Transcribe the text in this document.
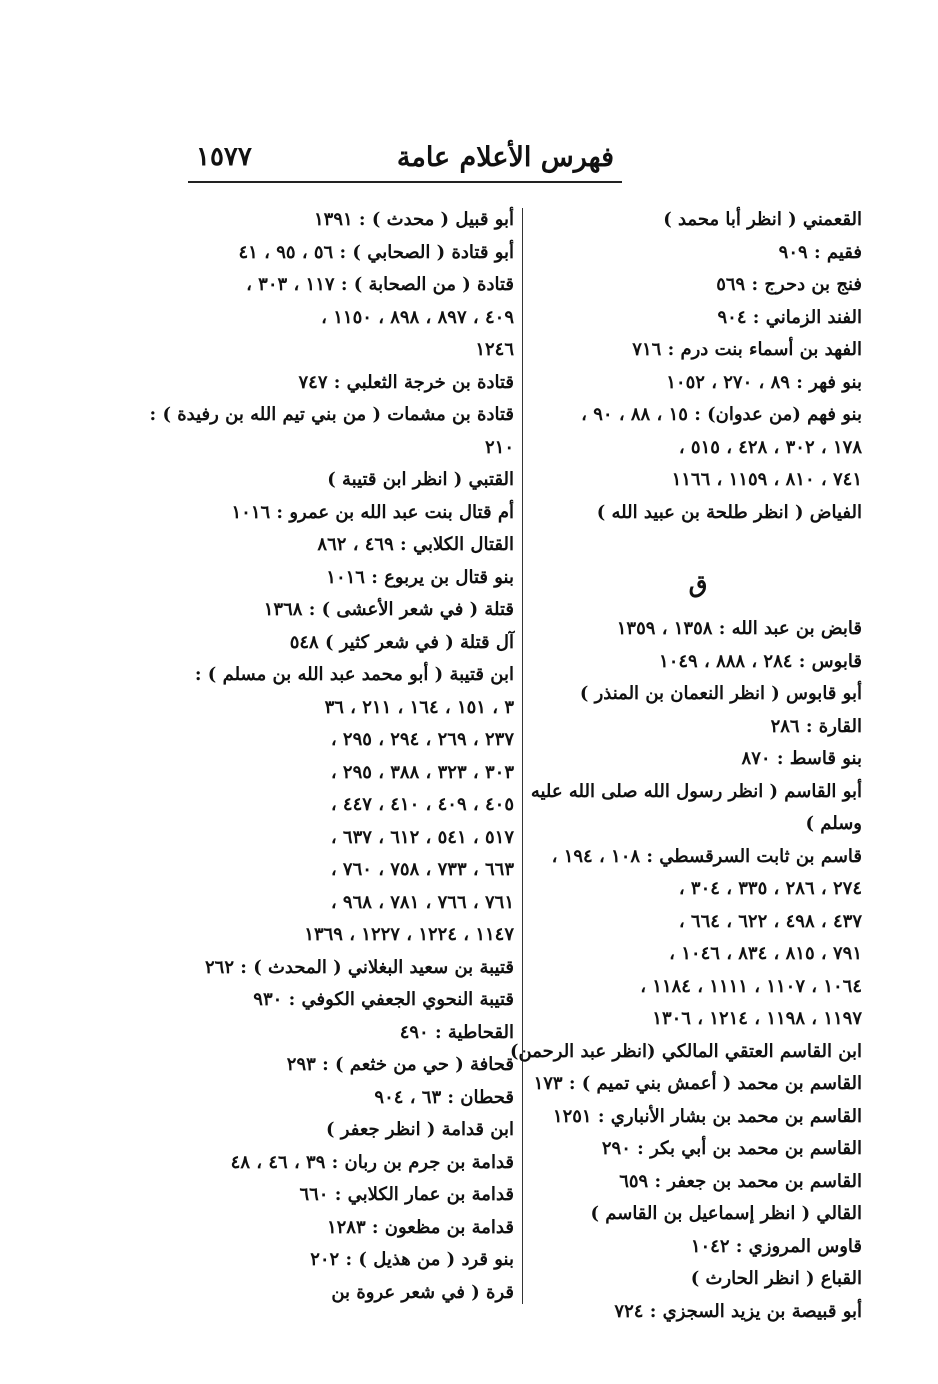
فهرس الأعلام عامة
١٥٧٧
القعمني ( انظر أبا محمد )
فقيم : ٩٠٩
فنج بن دحرج : ٥٦٩
الفند الزماني : ٩٠٤
الفهد بن أسماء بنت درم : ٧١٦
بنو فهر : ٨٩ ، ٢٧٠ ، ١٠٥٢
بنو فهم (من عدوان) : ١٥ ، ٨٨ ، ٩٠ ،
١٧٨ ، ٣٠٢ ، ٤٢٨ ، ٥١٥ ،
٧٤١ ، ٨١٠ ، ١١٥٩ ، ١١٦٦
الفياض ( انظر طلحة بن عبيد الله )
ق
قابض بن عبد الله : ١٣٥٨ ، ١٣٥٩
قابوس : ٢٨٤ ، ٨٨٨ ، ١٠٤٩
أبو قابوس ( انظر النعمان بن المنذر )
القارة : ٢٨٦
بنو قاسط : ٨٧٠
أبو القاسم ( انظر رسول الله صلى الله عليه
وسلم )
قاسم بن ثابت السرقسطي : ١٠٨ ، ١٩٤ ،
٢٧٤ ، ٢٨٦ ، ٣٣٥ ، ٣٠٤ ،
٤٣٧ ، ٤٩٨ ، ٦٢٢ ، ٦٦٤ ،
٧٩١ ، ٨١٥ ، ٨٣٤ ، ١٠٤٦ ،
١٠٦٤ ، ١١٠٧ ، ١١١١ ، ١١٨٤ ،
١١٩٧ ، ١١٩٨ ، ١٢١٤ ، ١٣٠٦
ابن القاسم العتقي المالكي (انظر عبد الرحمن)
القاسم بن محمد ( أعمش بني تميم ) : ١٧٣
القاسم بن محمد بن بشار الأنباري : ١٢٥١
القاسم بن محمد بن أبي بكر : ٢٩٠
القاسم بن محمد بن جعفر : ٦٥٩
القالي ( انظر إسماعيل بن القاسم )
قاوس المروزي : ١٠٤٢
القباع ( انظر الحارث )
أبو قبيصة بن يزيد السجزي : ٧٢٤
أبو قبيل ( محدث ) : ١٣٩١
أبو قتادة ( الصحابي ) : ٥٦ ، ٩٥ ، ٤١
قتادة ( من الصحابة ) : ١١٧ ، ٣٠٣ ،
٤٠٩ ، ٨٩٧ ، ٨٩٨ ، ١١٥٠ ،
١٢٤٦
قتادة بن خرجة الثعلبي : ٧٤٧
قتادة بن مشمات ( من بني تيم الله بن رفيدة ) :
٢١٠
القتبي ( انظر ابن قتيبة )
أم قتال بنت عبد الله بن عمرو : ١٠١٦
القتال الكلابي : ٤٦٩ ، ٨٦٢
بنو قتال بن يربوع : ١٠١٦
قتلة ( في شعر الأعشى ) : ١٣٦٨
آل قتلة ( في شعر كثير ) ٥٤٨
ابن قتيبة ( أبو محمد عبد الله بن مسلم ) :
٣ ، ١٥١ ، ١٦٤ ، ٢١١ ، ٣٦
٢٣٧ ، ٢٦٩ ، ٢٩٤ ، ٢٩٥ ،
٣٠٣ ، ٣٢٣ ، ٣٨٨ ، ٢٩٥ ،
٤٠٥ ، ٤٠٩ ، ٤١٠ ، ٤٤٧ ،
٥١٧ ، ٥٤١ ، ٦١٢ ، ٦٣٧ ،
٦٦٣ ، ٧٣٣ ، ٧٥٨ ، ٧٦٠ ،
٧٦١ ، ٧٦٦ ، ٧٨١ ، ٩٦٨ ،
١١٤٧ ، ١٢٢٤ ، ١٢٢٧ ، ١٣٦٩
قتيبة بن سعيد البغلاني ( المحدث ) : ٢٦٢
قتيبة النحوي الجعفي الكوفي : ٩٣٠
القحاطية : ٤٩٠
قحافة ( حي من خثعم ) : ٢٩٣
قحطان : ٦٣ ، ٩٠٤
ابن قدامة ( انظر جعفر )
قدامة بن جرم بن ربان : ٣٩ ، ٤٦ ، ٤٨
قدامة بن عمار الكلابي : ٦٦٠
قدامة بن مظعون : ١٢٨٣
بنو قرد ( من هذيل ) : ٢٠٢
قرة ( في شعر عروة بن
